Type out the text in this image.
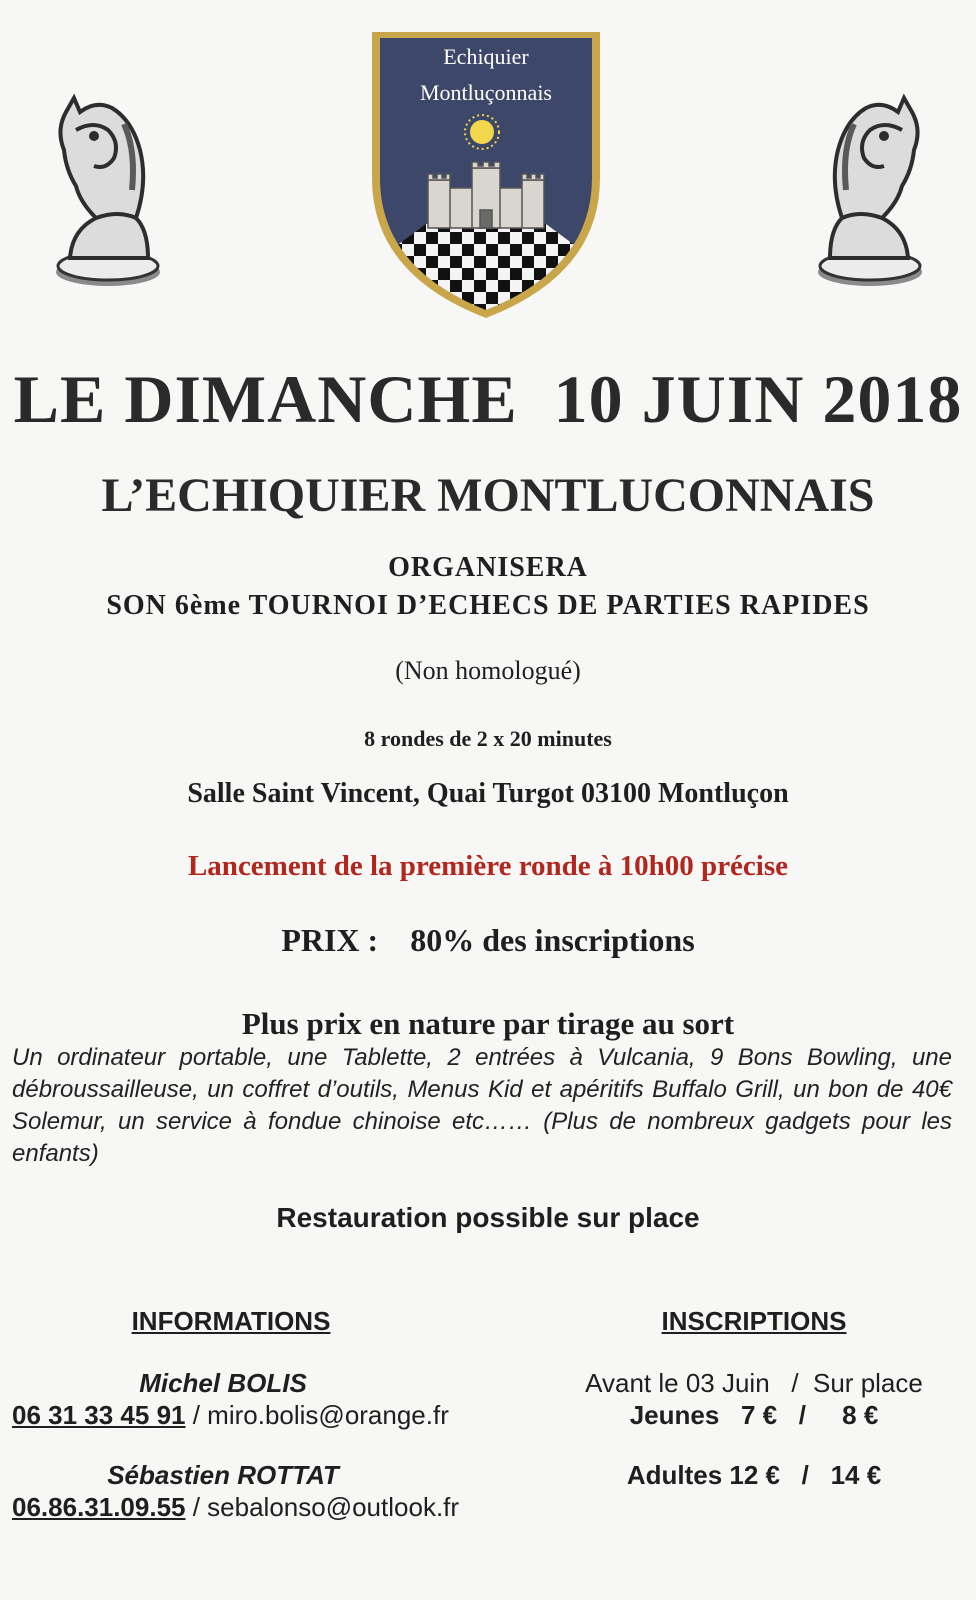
Echiquier
Montluçonnais
LE DIMANCHE  10 JUIN 2018
L’ECHIQUIER MONTLUCONNAIS
ORGANISERA
SON 6ème TOURNOI D’ECHECS DE PARTIES RAPIDES
(Non homologué)
8 rondes de 2 x 20 minutes
Salle Saint Vincent, Quai Turgot 03100 Montluçon
Lancement de la première ronde à 10h00 précise
PRIX :    80% des inscriptions
Plus prix en nature par tirage au sort
Un ordinateur portable, une Tablette, 2 entrées à Vulcania, 9 Bons Bowling, une débroussailleuse, un coffret d’outils, Menus Kid et apéritifs Buffalo Grill, un bon de 40€ Solemur, un service à fondue chinoise etc…… (Plus de nombreux gadgets pour les enfants)
Restauration possible sur place
INFORMATIONS	INSCRIPTIONS
Michel BOLIS
06 31 33 45 91 / miro.bolis@orange.fr
Sébastien ROTTAT
06.86.31.09.55 / sebalonso@outlook.fr
Avant le 03 Juin   /  Sur place
Jeunes   7 €   /     8 €
Adultes 12 €   /   14 €
